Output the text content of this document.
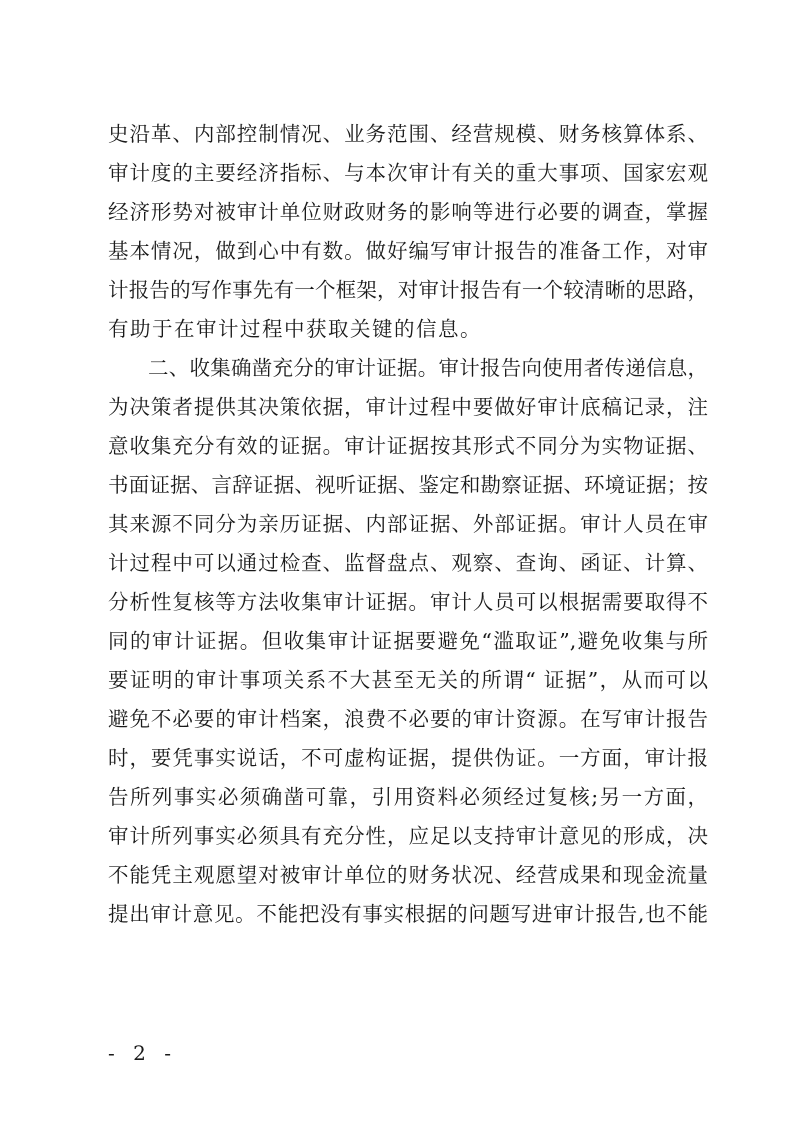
史沿革、内部控制情况、业务范围、经营规模、财务核算体系、
审计度的主要经济指标、与本次审计有关的重大事项、国家宏观
经济形势对被审计单位财政财务的影响等进行必要的调查，掌握
基本情况，做到心中有数。做好编写审计报告的准备工作，对审
计报告的写作事先有一个框架，对审计报告有一个较清晰的思路，
有助于在审计过程中获取关键的信息。
二、收集确凿充分的审计证据。审计报告向使用者传递信息，
为决策者提供其决策依据，审计过程中要做好审计底稿记录，注
意收集充分有效的证据。审计证据按其形式不同分为实物证据、
书面证据、言辞证据、视听证据、鉴定和勘察证据、环境证据；按
其来源不同分为亲历证据、内部证据、外部证据。审计人员在审
计过程中可以通过检查、监督盘点、观察、查询、函证、计算、
分析性复核等方法收集审计证据。审计人员可以根据需要取得不
同的审计证据。但收集审计证据要避免“滥取证”,避免收集与所
要证明的审计事项关系不大甚至无关的所谓“ 证据”，从而可以
避免不必要的审计档案，浪费不必要的审计资源。在写审计报告
时，要凭事实说话，不可虚构证据，提供伪证。一方面，审计报
告所列事实必须确凿可靠，引用资料必须经过复核;另一方面，
审计所列事实必须具有充分性，应足以支持审计意见的形成，决
不能凭主观愿望对被审计单位的财务状况、经营成果和现金流量
提出审计意见。不能把没有事实根据的问题写进审计报告,也不能
- 2 -
